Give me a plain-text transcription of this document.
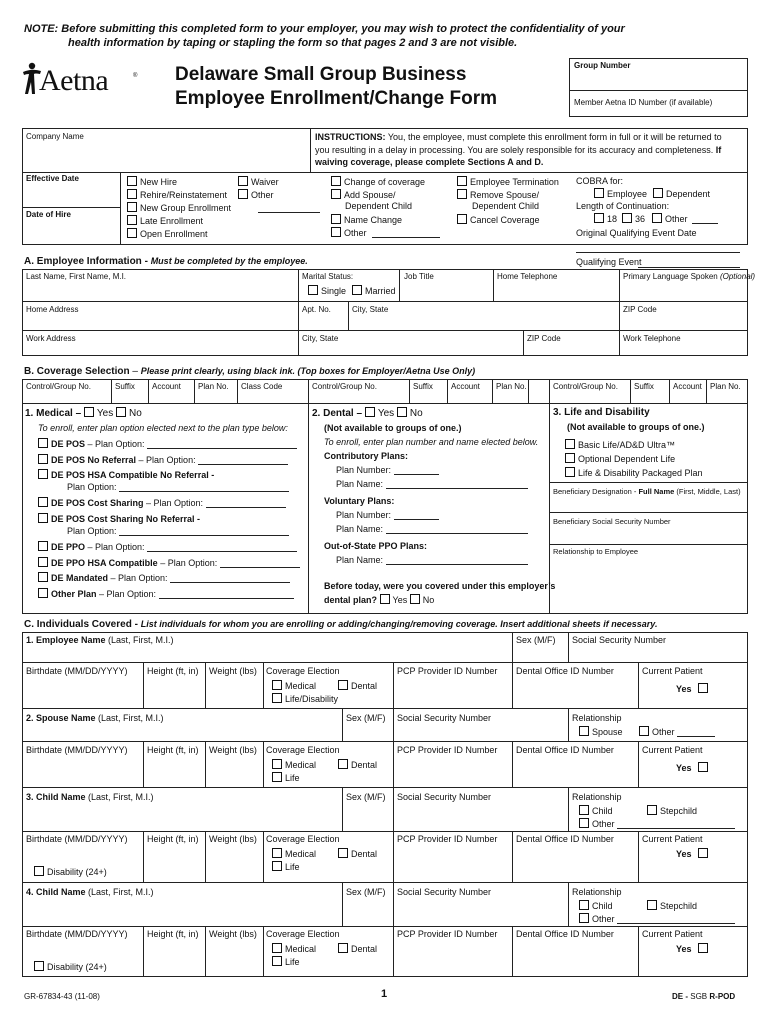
NOTE: Before submitting this completed form to your employer, you may wish to protect the confidentiality of your
health information by taping or stapling the form so that pages 2 and 3 are not visible.
Aetna	® Delaware Small Group Business
Employee Enrollment/Change Form
Group Number
Member Aetna ID Number (if available)
Company Name	INSTRUCTIONS: You, the employee, must complete this enrollment form in full or it will be returned to
you resulting in a delay in processing. You are solely responsible for its accuracy and completeness. If
waiving coverage, please complete Sections A and D.
Effective Date
Date of Hire
New Hire
Rehire/Reinstatement
New Group Enrollment
Late Enrollment
Open Enrollment
Waiver
Other
Change of coverage
Add Spouse/
Dependent Child
Name Change
Other
Employee Termination
Remove Spouse/
Dependent Child
Cancel Coverage
COBRA for:
Employee	Dependent
Length of Continuation:
18	36	Other
Original Qualifying Event Date
Qualifying Event
A. Employee Information - Must be completed by the employee.
Last Name, First Name, M.I.	Marital Status:
Single	Married
Job Title	Home Telephone	Primary Language Spoken (Optional)
Home Address	Apt. No.	City, State	ZIP Code
Work Address	City, State	ZIP Code	Work Telephone
B. Coverage Selection – Please print clearly, using black ink. (Top boxes for Employer/Aetna Use Only)
Control/Group No.	Suffix Account Plan No. Class Code	Control/Group No.	Suffix Account Plan No.	Control/Group No. Suffix Account Plan No.
1. Medical – Yes No
To enroll, enter plan option elected next to the plan type below:
DE POS – Plan Option:
DE POS No Referral – Plan Option:
DE POS HSA Compatible No Referral -
Plan Option:
DE POS Cost Sharing – Plan Option:
DE POS Cost Sharing No Referral -
Plan Option:
DE PPO – Plan Option:
DE PPO HSA Compatible – Plan Option:
DE Mandated – Plan Option:
Other Plan – Plan Option:
2. Dental – Yes No
(Not available to groups of one.)
To enroll, enter plan number and name elected below.
Contributory Plans:
Plan Number:
Plan Name:
Voluntary Plans:
Plan Number:
Plan Name:
Out-of-State PPO Plans:
Plan Name:
Before today, were you covered under this employer’s
dental plan? Yes No
3. Life and Disability
(Not available to groups of one.)
Basic Life/AD&D Ultra™
Optional Dependent Life
Life & Disability Packaged Plan
Beneficiary Designation - Full Name (First, Middle, Last)
Beneficiary Social Security Number
Relationship to Employee
C. Individuals Covered - List individuals for whom you are enrolling or adding/changing/removing coverage. Insert additional sheets if necessary.
1. Employee Name (Last, First, M.I.)	Sex (M/F) Social Security Number
Birthdate (MM/DD/YYYY) Height (ft, in) Weight (lbs) Coverage Election
Medical	Dental
Life/Disability
PCP Provider ID Number Dental Office ID Number	Current Patient
Yes
2. Spouse Name (Last, First, M.I.)	Sex (M/F) Social Security Number	Relationship
Spouse	Other
Birthdate (MM/DD/YYYY) Height (ft, in) Weight (lbs) Coverage Election
Medical	Dental
Life
PCP Provider ID Number Dental Office ID Number	Current Patient
Yes
3. Child Name (Last, First, M.I.)	Sex (M/F) Social Security Number	Relationship
Child	Stepchild
Other
Birthdate (MM/DD/YYYY) Height (ft, in) Weight (lbs) Coverage Election
Medical	Dental
Life
PCP Provider ID Number Dental Office ID Number	Current Patient
Yes
Disability (24+)
4. Child Name (Last, First, M.I.)	Sex (M/F) Social Security Number	Relationship
Child	Stepchild
Other
Birthdate (MM/DD/YYYY) Height (ft, in) Weight (lbs) Coverage Election
Medical	Dental
Life
PCP Provider ID Number Dental Office ID Number	Current Patient
Yes
Disability (24+)
GR-67834-43 (11-08)	1	DE - SGB R-POD
